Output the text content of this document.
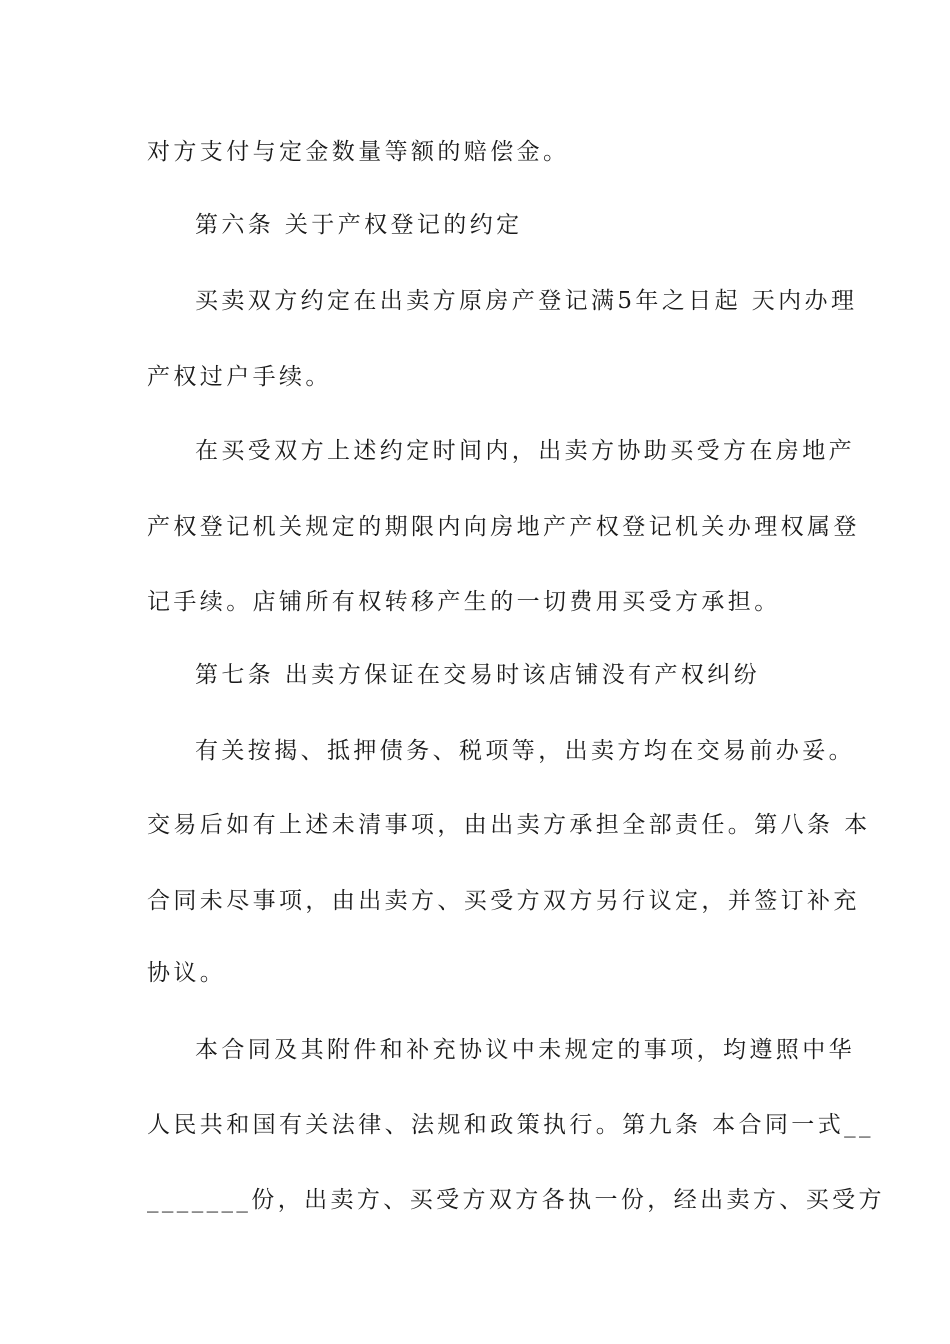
对方支付与定金数量等额的赔偿金。
第六条 关于产权登记的约定
买卖双方约定在出卖方原房产登记满5年之日起 天内办理
产权过户手续。
在买受双方上述约定时间内，出卖方协助买受方在房地产
产权登记机关规定的期限内向房地产产权登记机关办理权属登
记手续。店铺所有权转移产生的一切费用买受方承担。
第七条 出卖方保证在交易时该店铺没有产权纠纷
有关按揭、抵押债务、税项等，出卖方均在交易前办妥。
交易后如有上述未清事项，由出卖方承担全部责任。第八条 本
合同未尽事项，由出卖方、买受方双方另行议定，并签订补充
协议。
本合同及其附件和补充协议中未规定的事项，均遵照中华
人民共和国有关法律、法规和政策执行。第九条 本合同一式__
_______份，出卖方、买受方双方各执一份，经出卖方、买受方
